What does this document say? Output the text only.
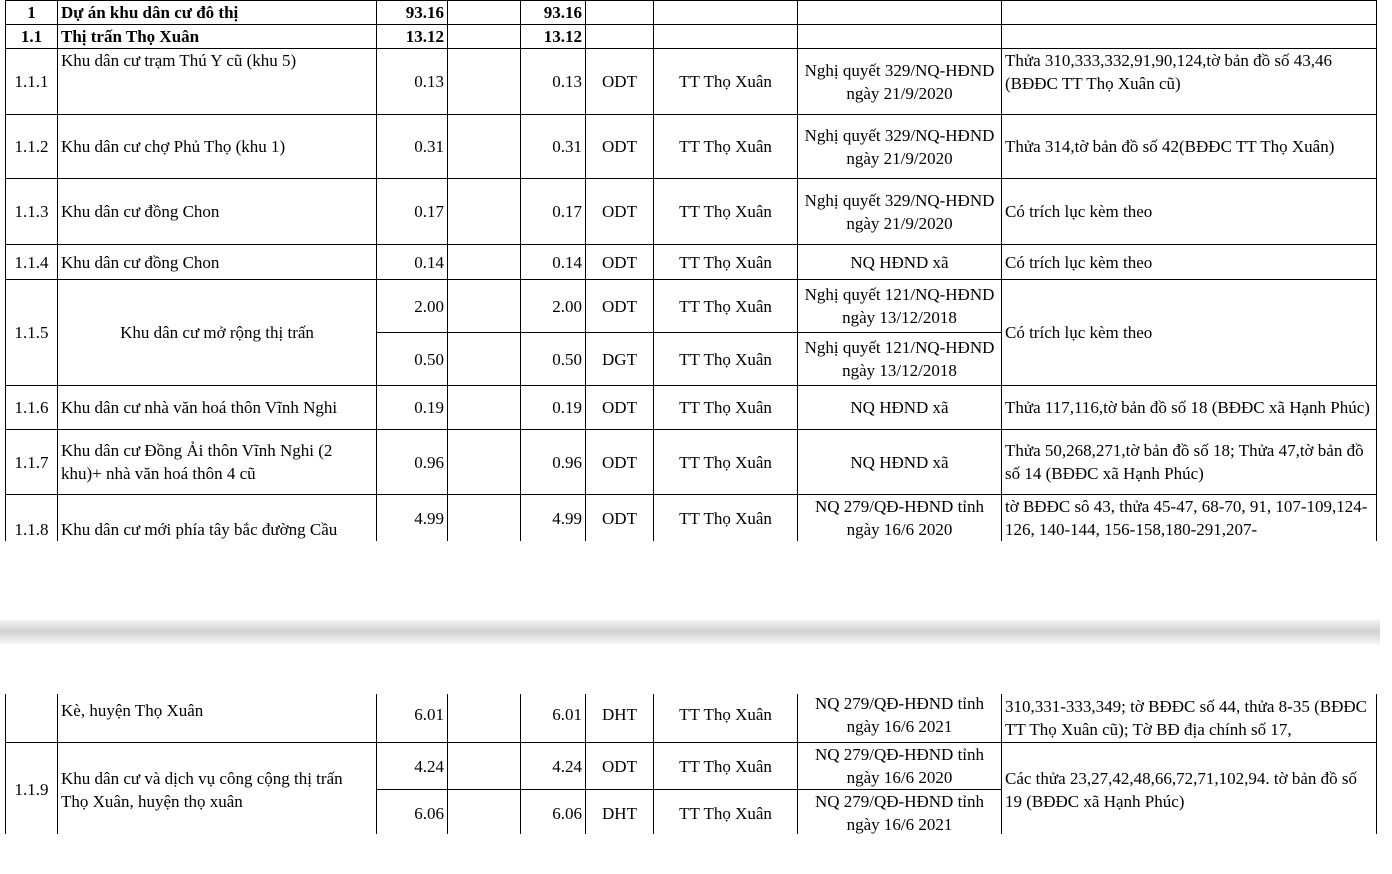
1	Dự án khu dân cư đô thị	93.16		93.16				
1.1	Thị trấn Thọ Xuân	13.12		13.12				
1.1.1	Khu dân cư trạm Thú Y cũ (khu 5)	0.13		0.13	ODT	TT Thọ Xuân	Nghị quyết 329/NQ-HĐND ngày 21/9/2020	Thửa 310,333,332,91,90,124,tờ bản đồ số 43,46 (BĐĐC TT Thọ Xuân cũ)
1.1.2	Khu dân cư chợ Phủ Thọ (khu 1)	0.31		0.31	ODT	TT Thọ Xuân	Nghị quyết 329/NQ-HĐND ngày 21/9/2020	Thửa 314,tờ bản đồ số 42(BĐĐC TT Thọ Xuân)
1.1.3	Khu dân cư đồng Chon	0.17		0.17	ODT	TT Thọ Xuân	Nghị quyết 329/NQ-HĐND ngày 21/9/2020	Có trích lục kèm theo
1.1.4	Khu dân cư đồng Chon	0.14		0.14	ODT	TT Thọ Xuân	NQ HĐND xã	Có trích lục kèm theo
1.1.5	Khu dân cư mở rộng thị trấn	2.00		2.00	ODT	TT Thọ Xuân	Nghị quyết 121/NQ-HĐND ngày 13/12/2018	Có trích lục kèm theo
		0.50		0.50	DGT	TT Thọ Xuân	Nghị quyết 121/NQ-HĐND ngày 13/12/2018	
1.1.6	Khu dân cư nhà văn hoá thôn Vĩnh Nghi	0.19		0.19	ODT	TT Thọ Xuân	NQ HĐND xã	Thửa 117,116,tờ bản đồ số 18 (BĐĐC xã Hạnh Phúc)
1.1.7	Khu dân cư Đồng Ải thôn Vĩnh Nghi (2 khu)+ nhà văn hoá thôn 4 cũ	0.96		0.96	ODT	TT Thọ Xuân	NQ HĐND xã	Thửa 50,268,271,tờ bản đồ số 18; Thửa 47,tờ bản đồ số 14 (BĐĐC xã Hạnh Phúc)
1.1.8	Khu dân cư mới phía tây bắc đường Cầu	4.99		4.99	ODT	TT Thọ Xuân	NQ 279/QĐ-HĐND tỉnh ngày 16/6 2020	tờ BĐĐC sô 43, thửa 45-47, 68-70, 91, 107-109,124-126, 140-144, 156-158,180-291,207-
	Kè, huyện Thọ Xuân	6.01		6.01	DHT	TT Thọ Xuân	NQ 279/QĐ-HĐND tỉnh ngày 16/6 2021	310,331-333,349; tờ BĐĐC số 44, thửa 8-35 (BĐĐC TT Thọ Xuân cũ); Tờ BĐ địa chính số 17,
1.1.9	Khu dân cư và dịch vụ công cộng thị trấn Thọ Xuân, huyện thọ xuân	4.24		4.24	ODT	TT Thọ Xuân	NQ 279/QĐ-HĐND tỉnh ngày 16/6 2020	Các thửa 23,27,42,48,66,72,71,102,94. tờ bản đồ số 19 (BĐĐC xã Hạnh Phúc)
		6.06		6.06	DHT	TT Thọ Xuân	NQ 279/QĐ-HĐND tỉnh ngày 16/6 2021	
